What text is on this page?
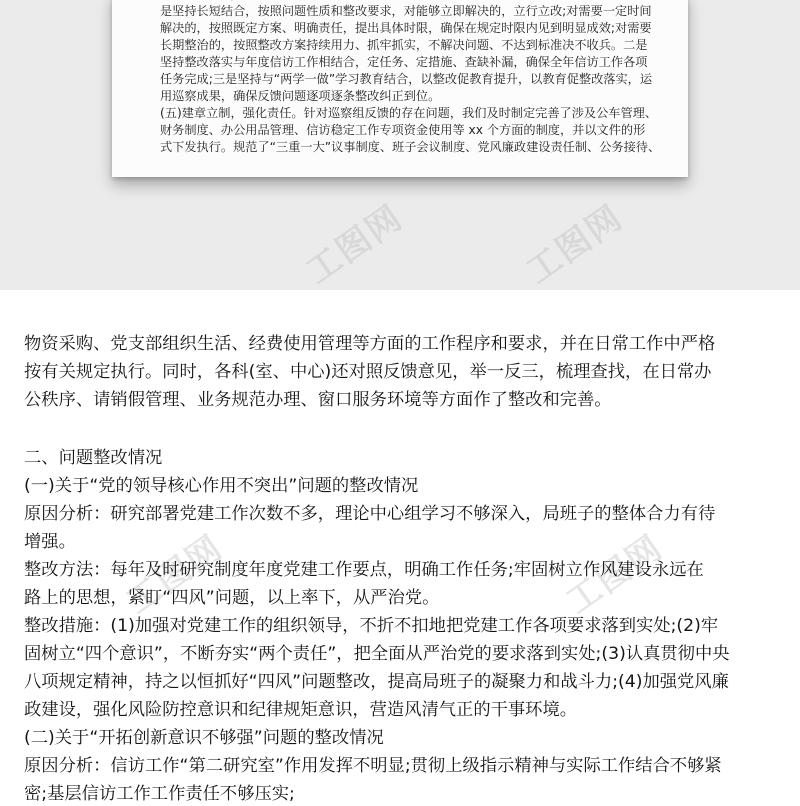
是坚持长短结合，按照问题性质和整改要求，对能够立即解决的，立行立改;对需要一定时间
解决的，按照既定方案、明确责任，提出具体时限，确保在规定时限内见到明显成效;对需要
长期整治的，按照整改方案持续用力、抓牢抓实，不解决问题、不达到标准决不收兵。二是
坚持整改落实与年度信访工作相结合，定任务、定措施、查缺补漏，确保全年信访工作各项
任务完成;三是坚持与“两学一做”学习教育结合，以整改促教育提升，以教育促整改落实，运
用巡察成果，确保反馈问题逐项逐条整改纠正到位。
(五)建章立制，强化责任。针对巡察组反馈的存在问题，我们及时制定完善了涉及公车管理、
财务制度、办公用品管理、信访稳定工作专项资金使用等 xx 个方面的制度，并以文件的形
式下发执行。规范了“三重一大”议事制度、班子会议制度、党风廉政建设责任制、公务接待、
工图网	工图网
工图网	工图网
物资采购、党支部组织生活、经费使用管理等方面的工作程序和要求，并在日常工作中严格
按有关规定执行。同时，各科(室、中心)还对照反馈意见，举一反三，梳理查找，在日常办
公秩序、请销假管理、业务规范办理、窗口服务环境等方面作了整改和完善。
二、问题整改情况
(一)关于“党的领导核心作用不突出”问题的整改情况
原因分析：研究部署党建工作次数不多，理论中心组学习不够深入，局班子的整体合力有待
增强。
整改方法：每年及时研究制度年度党建工作要点，明确工作任务;牢固树立作风建设永远在
路上的思想，紧盯“四风”问题，以上率下，从严治党。
整改措施：(1)加强对党建工作的组织领导，不折不扣地把党建工作各项要求落到实处;(2)牢
固树立“四个意识”，不断夯实“两个责任”，把全面从严治党的要求落到实处;(3)认真贯彻中央
八项规定精神，持之以恒抓好“四风”问题整改，提高局班子的凝聚力和战斗力;(4)加强党风廉
政建设，强化风险防控意识和纪律规矩意识，营造风清气正的干事环境。
(二)关于“开拓创新意识不够强”问题的整改情况
原因分析：信访工作“第二研究室”作用发挥不明显;贯彻上级指示精神与实际工作结合不够紧
密;基层信访工作工作责任不够压实;
